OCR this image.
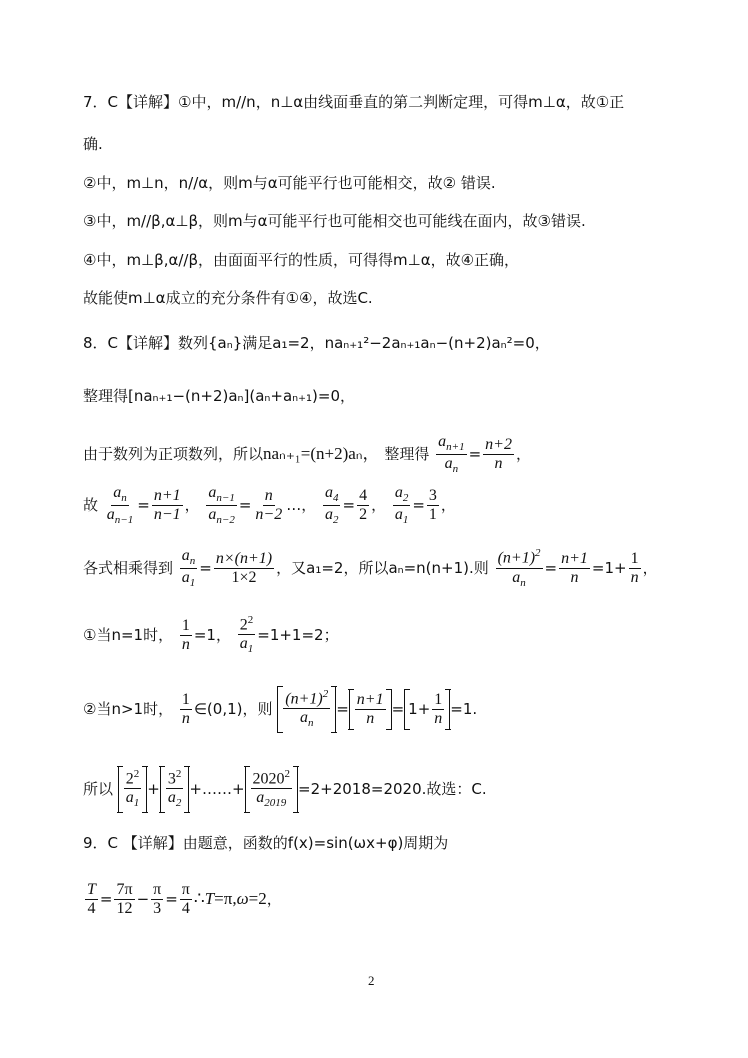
7．C【详解】①中，m//n，n⊥α由线面垂直的第二判断定理，可得m⊥α，故①正
确.
②中，m⊥n，n//α，则m与α可能平行也可能相交，故② 错误.
③中，m//β,α⊥β，则m与α可能平行也可能相交也可能线在面内，故③错误.
④中，m⊥β,α//β，由面面平行的性质，可得得m⊥α，故④正确，
故能使m⊥α成立的充分条件有①④，故选C.
8．C【详解】数列{aₙ}满足a₁=2，naₙ₊₁²−2aₙ₊₁aₙ−(n+2)aₙ²=0，
整理得[naₙ₊₁−(n+2)aₙ](aₙ+aₙ₊₁)=0，
由于数列为正项数列，所以naₙ₊₁=(n+2)aₙ， 整理得 $\frac{a_{n+1}}{a_n} = \frac{n+2}{n}$ ，
故 $\frac{a_n}{a_{n-1}} = \frac{n+1}{n-1}$ ， $\frac{a_{n-1}}{a_{n-2}} = \frac{n}{n-2}$ …， $\frac{a_4}{a_2} = \frac{4}{2}$ ， $\frac{a_2}{a_1} = \frac{3}{1}$ ，
各式相乘得到 $\frac{a_n}{a_1} = \frac{n\times(n+1)}{1\times 2}$ ，又a₁=2，所以aₙ=n(n+1).则 $\frac{(n+1)^2}{a_n} = \frac{n+1}{n} =1+ \frac{1}{n}$ ，
①当n=1时， $\frac{1}{n} =1$， $\frac{2^2}{a_1} =1+1=2$；
②当n>1时， $\frac{1}{n}$ ∈(0,1)，则 $\frac{(n+1)^2}{a_n} = \frac{n+1}{n} = 1+ \frac{1}{n} =1$.
所以 $\frac{2^2}{a_1} + \frac{3^2}{a_2}$ +……+ $\frac{2020^2}{a_{2019}} =2+2018=2020$.故选：C.
9．C 【详解】由题意，函数的f(x)=sin(ωx+φ)周期为
$\frac{T}{4} = \frac{7\pi}{12} - \frac{\pi}{3} = \frac{\pi}{4}$ ∴T=π,ω=2，
2
